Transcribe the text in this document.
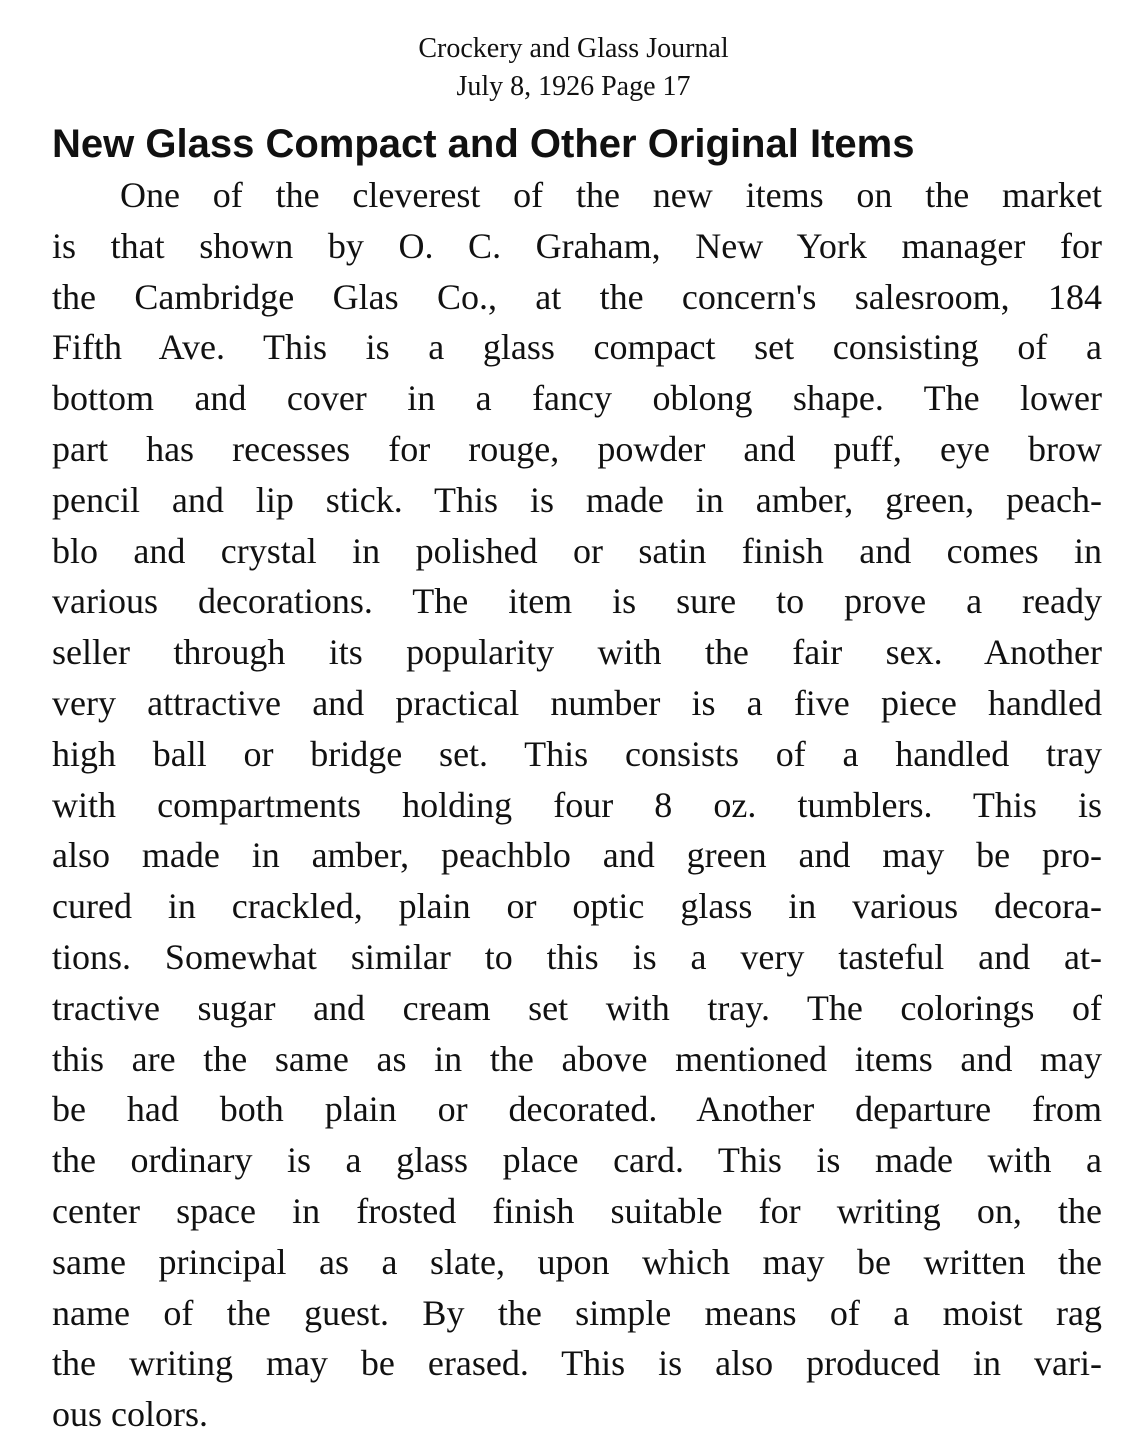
Crockery and Glass Journal
July 8, 1926 Page 17
New Glass Compact and Other Original Items
One of the cleverest of the new items on the market
is that shown by O. C. Graham, New York manager for
the Cambridge Glas Co., at the concern's salesroom, 184
Fifth Ave. This is a glass compact set consisting of a
bottom and cover in a fancy oblong shape. The lower
part has recesses for rouge, powder and puff, eye brow
pencil and lip stick. This is made in amber, green, peach-
blo and crystal in polished or satin finish and comes in
various decorations. The item is sure to prove a ready
seller through its popularity with the fair sex. Another
very attractive and practical number is a five piece handled
high ball or bridge set. This consists of a handled tray
with compartments holding four 8 oz. tumblers. This is
also made in amber, peachblo and green and may be pro-
cured in crackled, plain or optic glass in various decora-
tions. Somewhat similar to this is a very tasteful and at-
tractive sugar and cream set with tray. The colorings of
this are the same as in the above mentioned items and may
be had both plain or decorated. Another departure from
the ordinary is a glass place card. This is made with a
center space in frosted finish suitable for writing on, the
same principal as a slate, upon which may be written the
name of the guest. By the simple means of a moist rag
the writing may be erased. This is also produced in vari-
ous colors.
